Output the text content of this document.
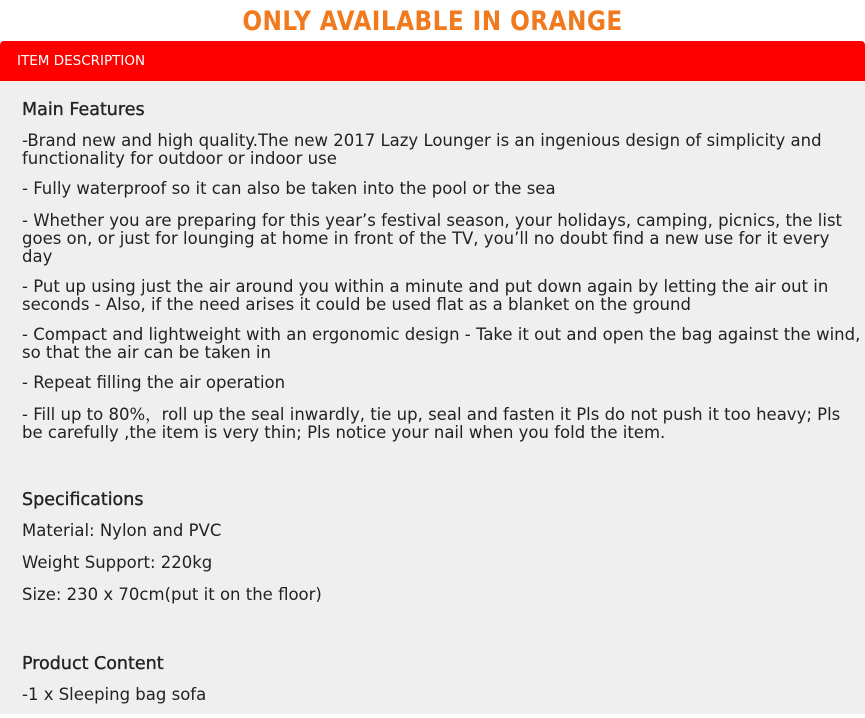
ONLY AVAILABLE IN ORANGE
ITEM DESCRIPTION
Main Features
-Brand new and high quality.The new 2017 Lazy Lounger is an ingenious design of simplicity and functionality for outdoor or indoor use
- Fully waterproof so it can also be taken into the pool or the sea
- Whether you are preparing for this year’s festival season, your holidays, camping, picnics, the list goes on, or just for lounging at home in front of the TV, you’ll no doubt find a new use for it every day
- Put up using just the air around you within a minute and put down again by letting the air out in seconds - Also, if the need arises it could be used flat as a blanket on the ground
- Compact and lightweight with an ergonomic design - Take it out and open the bag against the wind, so that the air can be taken in
- Repeat filling the air operation
- Fill up to 80%，roll up the seal inwardly, tie up, seal and fasten it Pls do not push it too heavy; Pls be carefully ,the item is very thin; Pls notice your nail when you fold the item.
Specifications
Material: Nylon and PVC
Weight Support: 220kg
Size: 230 x 70cm(put it on the floor)
Product Content
-1 x Sleeping bag sofa
